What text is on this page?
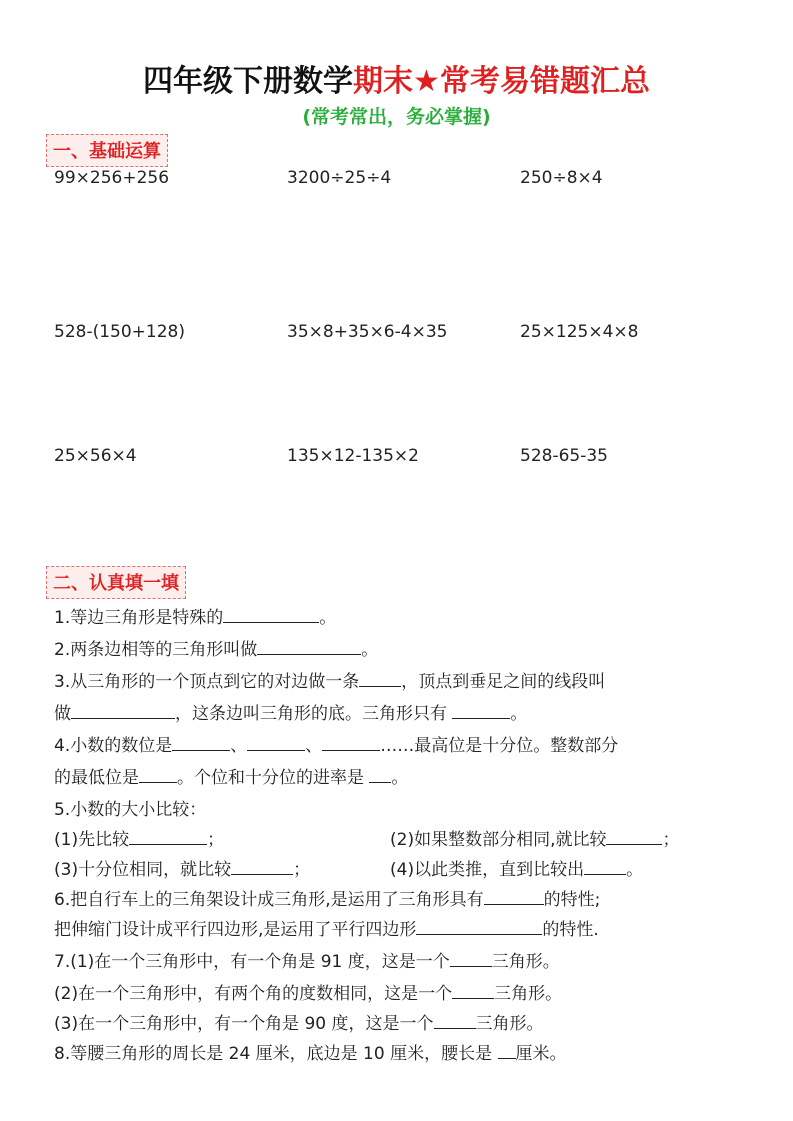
四年级下册数学期末★常考易错题汇总
(常考常出，务必掌握)
一、基础运算
99×256+256	3200÷25÷4	250÷8×4
528-(150+128)	35×8+35×6-4×35	25×125×4×8
25×56×4	135×12-135×2	528-65-35
二、认真填一填
1.等边三角形是特殊的	。
2.两条边相等的三角形叫做	。
3.从三角形的一个顶点到它的对边做一条 ，顶点到垂足之间的线段叫
做	，这条边叫三角形的底。三角形只有	。
4.小数的数位是	、	、	……最高位是十分位。整数部分
的最低位是 。个位和十分位的进率是 。
5.小数的大小比较：
(1)先比较	；	(2)如果整数部分相同,就比较	；
(3)十分位相同，就比较	；	(4)以此类推，直到比较出 。
6.把自行车上的三角架设计成三角形,是运用了三角形具有	的特性;
把伸缩门设计成平行四边形,是运用了平行四边形	的特性.
7.(1)在一个三角形中，有一个角是 91 度，这是一个 三角形。
(2)在一个三角形中，有两个角的度数相同，这是一个 三角形。
(3)在一个三角形中，有一个角是 90 度，这是一个 三角形。
8.等腰三角形的周长是 24 厘米，底边是 10 厘米，腰长是 厘米。
